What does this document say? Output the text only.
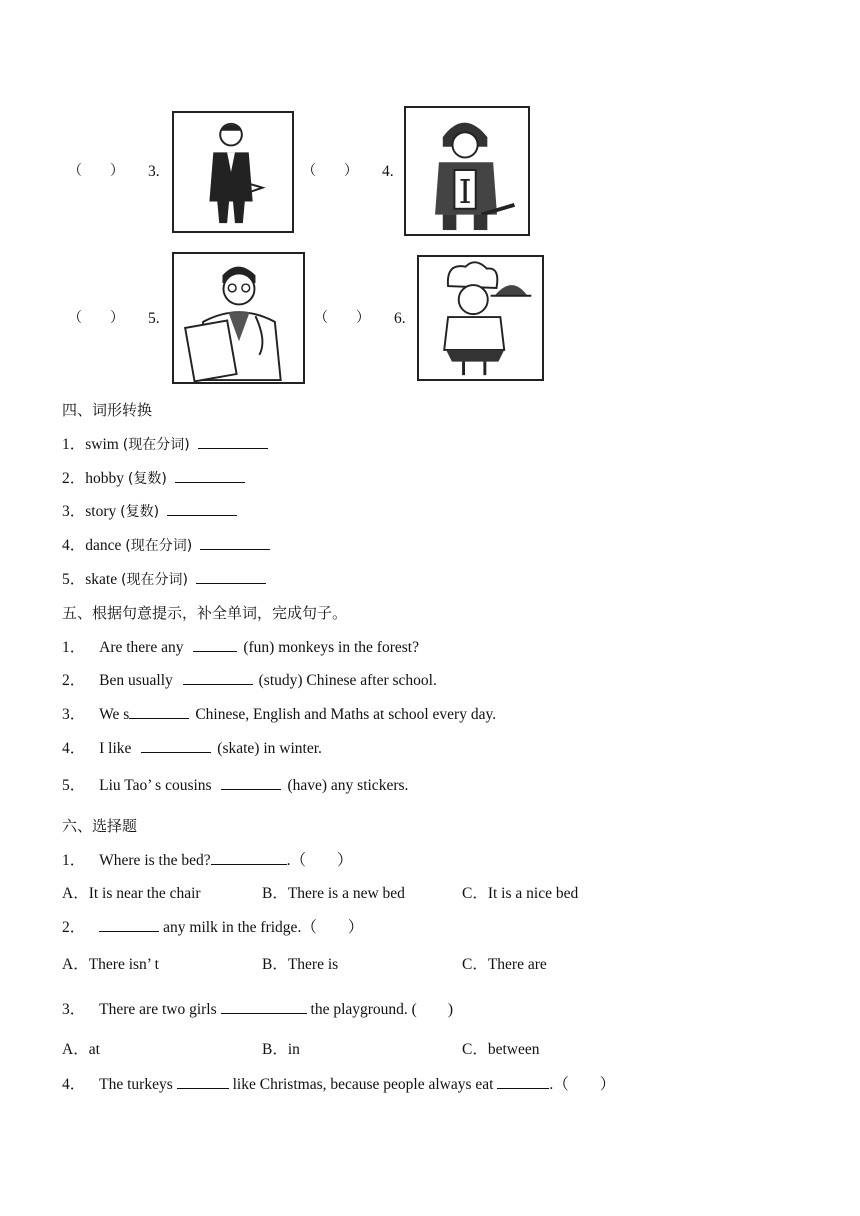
（　　） 3.	（　　） 4.
I
（　　） 5.	（　　） 6.
四、词形转换
1．swim (现在分词)
2．hobby (复数)
3．story (复数)
4．dance (现在分词)
5．skate (现在分词)
五、根据句意提示，补全单词，完成句子。
1． Are there any	(fun) monkeys in the forest?
2． Ben usually	(study) Chinese after school.
3． We s	Chinese, English and Maths at school every day.
4． I like	(skate) in winter.
5． Liu Tao’ s cousins	(have) any stickers.
六、选择题
1． Where is the bed?	.（　　）
A．It is near the chair	B．There is a new bed	C．It is a nice bed
2．	any milk in the fridge.（　　）
A．There isn’ t	B．There is	C．There are
3． There are two girls	the playground. (　　)
A．at	B．in	C．between
4． The turkeys	like Christmas, because people always eat	.（　　）
